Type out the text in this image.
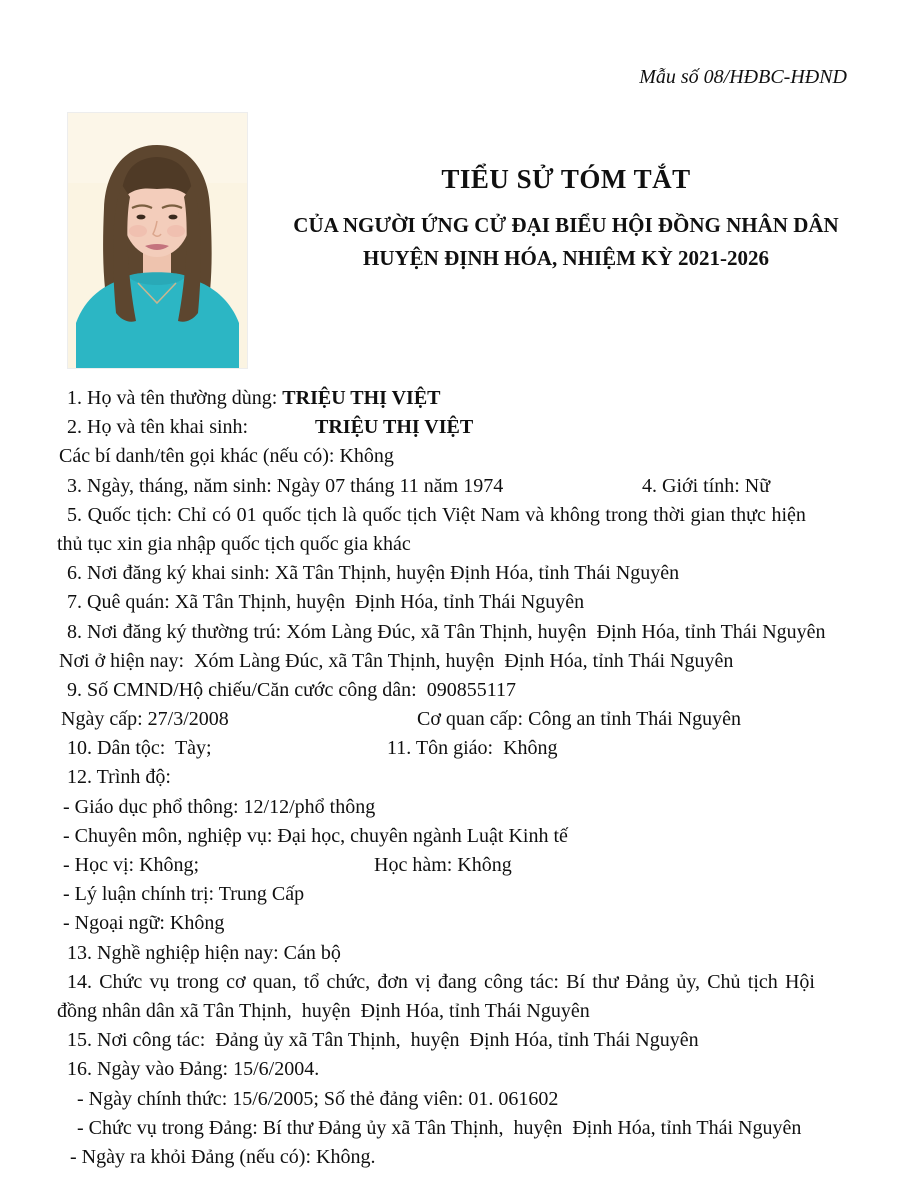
Mẫu số 08/HĐBC-HĐND
TIỂU SỬ TÓM TẮT
CỦA NGƯỜI ỨNG CỬ ĐẠI BIỂU HỘI ĐỒNG NHÂN DÂN
HUYỆN ĐỊNH HÓA, NHIỆM KỲ 2021-2026
1. Họ và tên thường dùng: TRIỆU THỊ VIỆT
2. Họ và tên khai sinh:	TRIỆU THỊ VIỆT
Các bí danh/tên gọi khác (nếu có): Không
3. Ngày, tháng, năm sinh: Ngày 07 tháng 11 năm 1974	4. Giới tính: Nữ
5. Quốc tịch: Chỉ có 01 quốc tịch là quốc tịch Việt Nam và không trong thời gian thực hiện
thủ tục xin gia nhập quốc tịch quốc gia khác
6. Nơi đăng ký khai sinh: Xã Tân Thịnh, huyện Định Hóa, tỉnh Thái Nguyên
7. Quê quán: Xã Tân Thịnh, huyện  Định Hóa, tỉnh Thái Nguyên
8. Nơi đăng ký thường trú: Xóm Làng Đúc, xã Tân Thịnh, huyện  Định Hóa, tỉnh Thái Nguyên
Nơi ở hiện nay:  Xóm Làng Đúc, xã Tân Thịnh, huyện  Định Hóa, tỉnh Thái Nguyên
9. Số CMND/Hộ chiếu/Căn cước công dân:  090855117
Ngày cấp: 27/3/2008	Cơ quan cấp: Công an tỉnh Thái Nguyên
10. Dân tộc:  Tày;	11. Tôn giáo:  Không
12. Trình độ:
- Giáo dục phổ thông: 12/12/phổ thông
- Chuyên môn, nghiệp vụ: Đại học, chuyên ngành Luật Kinh tế
- Học vị: Không;	Học hàm: Không
- Lý luận chính trị: Trung Cấp
- Ngoại ngữ: Không
13. Nghề nghiệp hiện nay: Cán bộ
14. Chức vụ trong cơ quan, tổ chức, đơn vị đang công tác: Bí thư Đảng ủy, Chủ tịch Hội
đồng nhân dân xã Tân Thịnh,  huyện  Định Hóa, tỉnh Thái Nguyên
15. Nơi công tác:  Đảng ủy xã Tân Thịnh,  huyện  Định Hóa, tỉnh Thái Nguyên
16. Ngày vào Đảng: 15/6/2004.
- Ngày chính thức: 15/6/2005; Số thẻ đảng viên: 01. 061602
- Chức vụ trong Đảng: Bí thư Đảng ủy xã Tân Thịnh,  huyện  Định Hóa, tỉnh Thái Nguyên
- Ngày ra khỏi Đảng (nếu có): Không.
